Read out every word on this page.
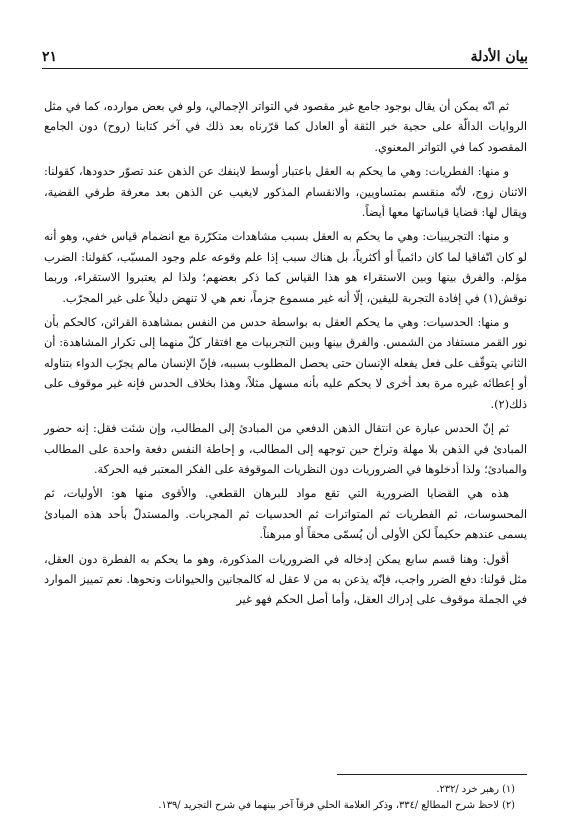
بيان الأدلة
٢١

ثم انّه يمكن أن يقال بوجود جامع غير مقصود في التواتر الإجمالي، ولو في بعض موارده، كما في مثل الروايات الدالّة على حجية خبر الثقة أو العادل كما قرّرناه بعد ذلك في آخر كتابنا (روح) دون الجامع المقصود كما في التواتر المعنوي.

و منها: الفطريات: وهي ما يحكم به العقل باعتبار أوسط لاينفك عن الذهن عند تصوّر حدودها، كقولنا: الاثنان زوج، لأنّه منقسم بمتساويين، والانقسام المذكور لايغيب عن الذهن بعد معرفة طرفي القضية، ويقال لها: قضايا قياساتها معها أيضاً.

و منها: التجريبيات: وهي ما يحكم به العقل بسبب مشاهدات متكرّرة مع انضمام قياس خفي، وهو أنه لو كان اتّفاقيا لما كان دائمياً أو أكثرياً، بل هناك سبب إذا علم وقوعه علم وجود المسبّب، كقولنا: الضرب مؤلم. والفرق بينها وبين الاستقراء هو هذا القياس كما ذكر بعضهم؛ ولذا لم يعتبروا الاستقراء، وربما نوقش(١) في إفادة التجربة لليقين، إلّا أنه غير مسموع جزماً، نعم هي لا تنهض دليلاً على غير المجرّب.

و منها: الحدسيات: وهي ما يحكم العقل به بواسطة حدس من النفس بمشاهدة القرائن، كالحكم بأن نور القمر مستفاد من الشمس. والفرق بينها وبين التجربيات مع افتقار كلّ منهما إلى تكرار المشاهدة: أن الثاني يتوقّف على فعل يفعله الإنسان حتى يحصل المطلوب بسببه، فإنّ الإنسان مالم يجرّب الدواء بتناوله أو إعطائه غيره مرة بعد أخرى لا يحكم عليه بأنه مسهل مثلاً، وهذا بخلاف الحدس فإنه غير موقوف على ذلك(٢).

ثم إنّ الحدس عبارة عن انتقال الذهن الدفعي من المبادئ إلى المطالب، وإن شئت فقل: إنه حضور المبادئ في الذهن بلا مهلة وتراخ حين توجهه إلى المطالب، و إحاطة النفس دفعة واحدة على المطالب والمبادئ؛ ولذا أدخلوها في الضروريات دون النظريات الموقوفة على الفكر المعتبر فيه الحركة.

هذه هي القضايا الضرورية التي تقع مواد للبرهان القطعي. والأقوى منها هو: الأوليات، ثم المحسوسات، ثم الفطريات ثم المتواترات ثم الحدسيات ثم المجربات. والمستدلّ بأحد هذه المبادئ يسمى عندهم حكيماً لكن الأولى أن يُسمّى محقاً أو مبرهناً.

أقول: وهنا قسم سابع يمكن إدخاله في الضروريات المذكورة، وهو ما يحكم به الفطرة دون العقل، مثل قولنا: دفع الضرر واجب، فإنّه يذعن به من لا عقل له كالمجانين والحيوانات ونحوها. نعم تمييز الموارد في الجملة موقوف على إدراك العقل، وأما أصل الحكم فهو غير

(١) رهبر خرد /٢٣٢.

(٢) لاحظ شرح المطالع /٣٣٤، وذكر العلامة الحلي فرقاً آخر بينهما في شرح التجريد /١٣٩.
